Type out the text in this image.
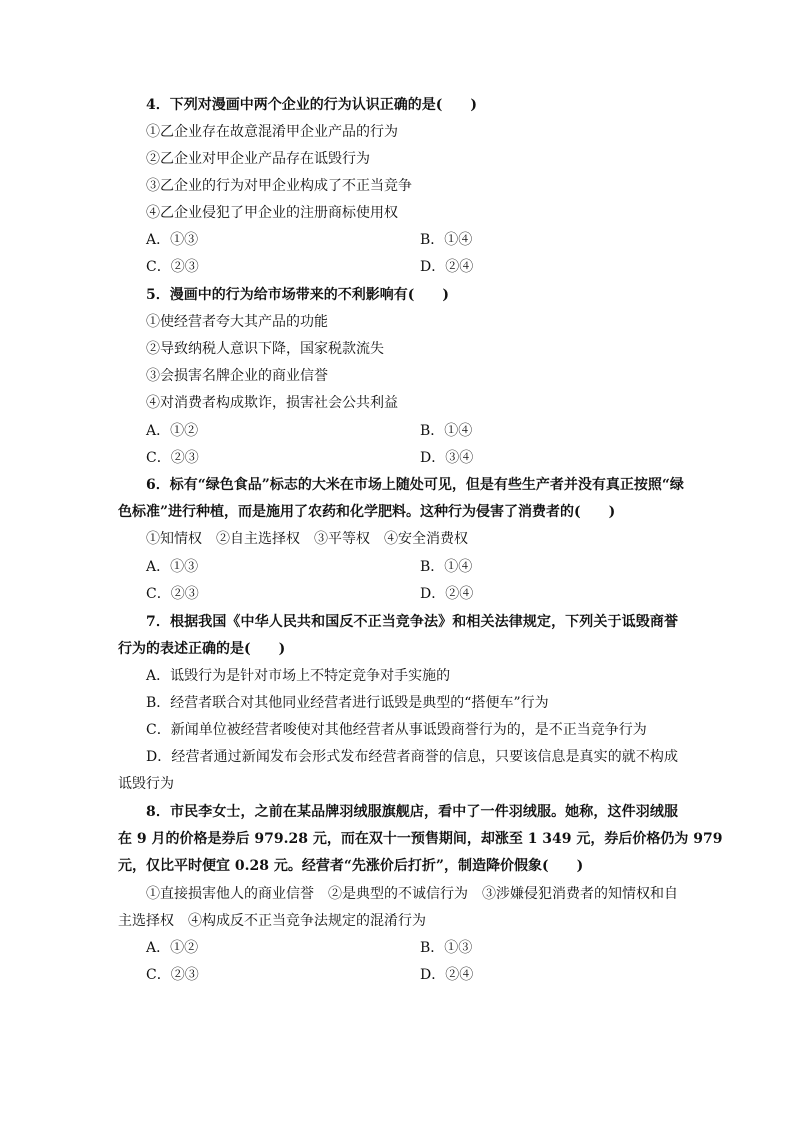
4．下列对漫画中两个企业的行为认识正确的是(　　)
①乙企业存在故意混淆甲企业产品的行为
②乙企业对甲企业产品存在诋毁行为
③乙企业的行为对甲企业构成了不正当竞争
④乙企业侵犯了甲企业的注册商标使用权
A．①③	B．①④
C．②③	D．②④
5．漫画中的行为给市场带来的不利影响有(　　)
①使经营者夸大其产品的功能
②导致纳税人意识下降，国家税款流失
③会损害名牌企业的商业信誉
④对消费者构成欺诈，损害社会公共利益
A．①②	B．①④
C．②③	D．③④
6．标有“绿色食品”标志的大米在市场上随处可见，但是有些生产者并没有真正按照“绿
色标准”进行种植，而是施用了农药和化学肥料。这种行为侵害了消费者的(　　)
①知情权　②自主选择权　③平等权　④安全消费权
A．①③	B．①④
C．②③	D．②④
7．根据我国《中华人民共和国反不正当竞争法》和相关法律规定，下列关于诋毁商誉
行为的表述正确的是(　　)
A．诋毁行为是针对市场上不特定竞争对手实施的
B．经营者联合对其他同业经营者进行诋毁是典型的“搭便车”行为
C．新闻单位被经营者唆使对其他经营者从事诋毁商誉行为的，是不正当竞争行为
D．经营者通过新闻发布会形式发布经营者商誉的信息，只要该信息是真实的就不构成
诋毁行为
8．市民李女士，之前在某品牌羽绒服旗舰店，看中了一件羽绒服。她称，这件羽绒服
在 9 月的价格是券后 979.28 元，而在双十一预售期间，却涨至 1 349 元，券后价格仍为 979
元，仅比平时便宜 0.28 元。经营者“先涨价后打折”，制造降价假象(　　)
①直接损害他人的商业信誉　②是典型的不诚信行为　③涉嫌侵犯消费者的知情权和自
主选择权　④构成反不正当竞争法规定的混淆行为
A．①②	B．①③
C．②③	D．②④
